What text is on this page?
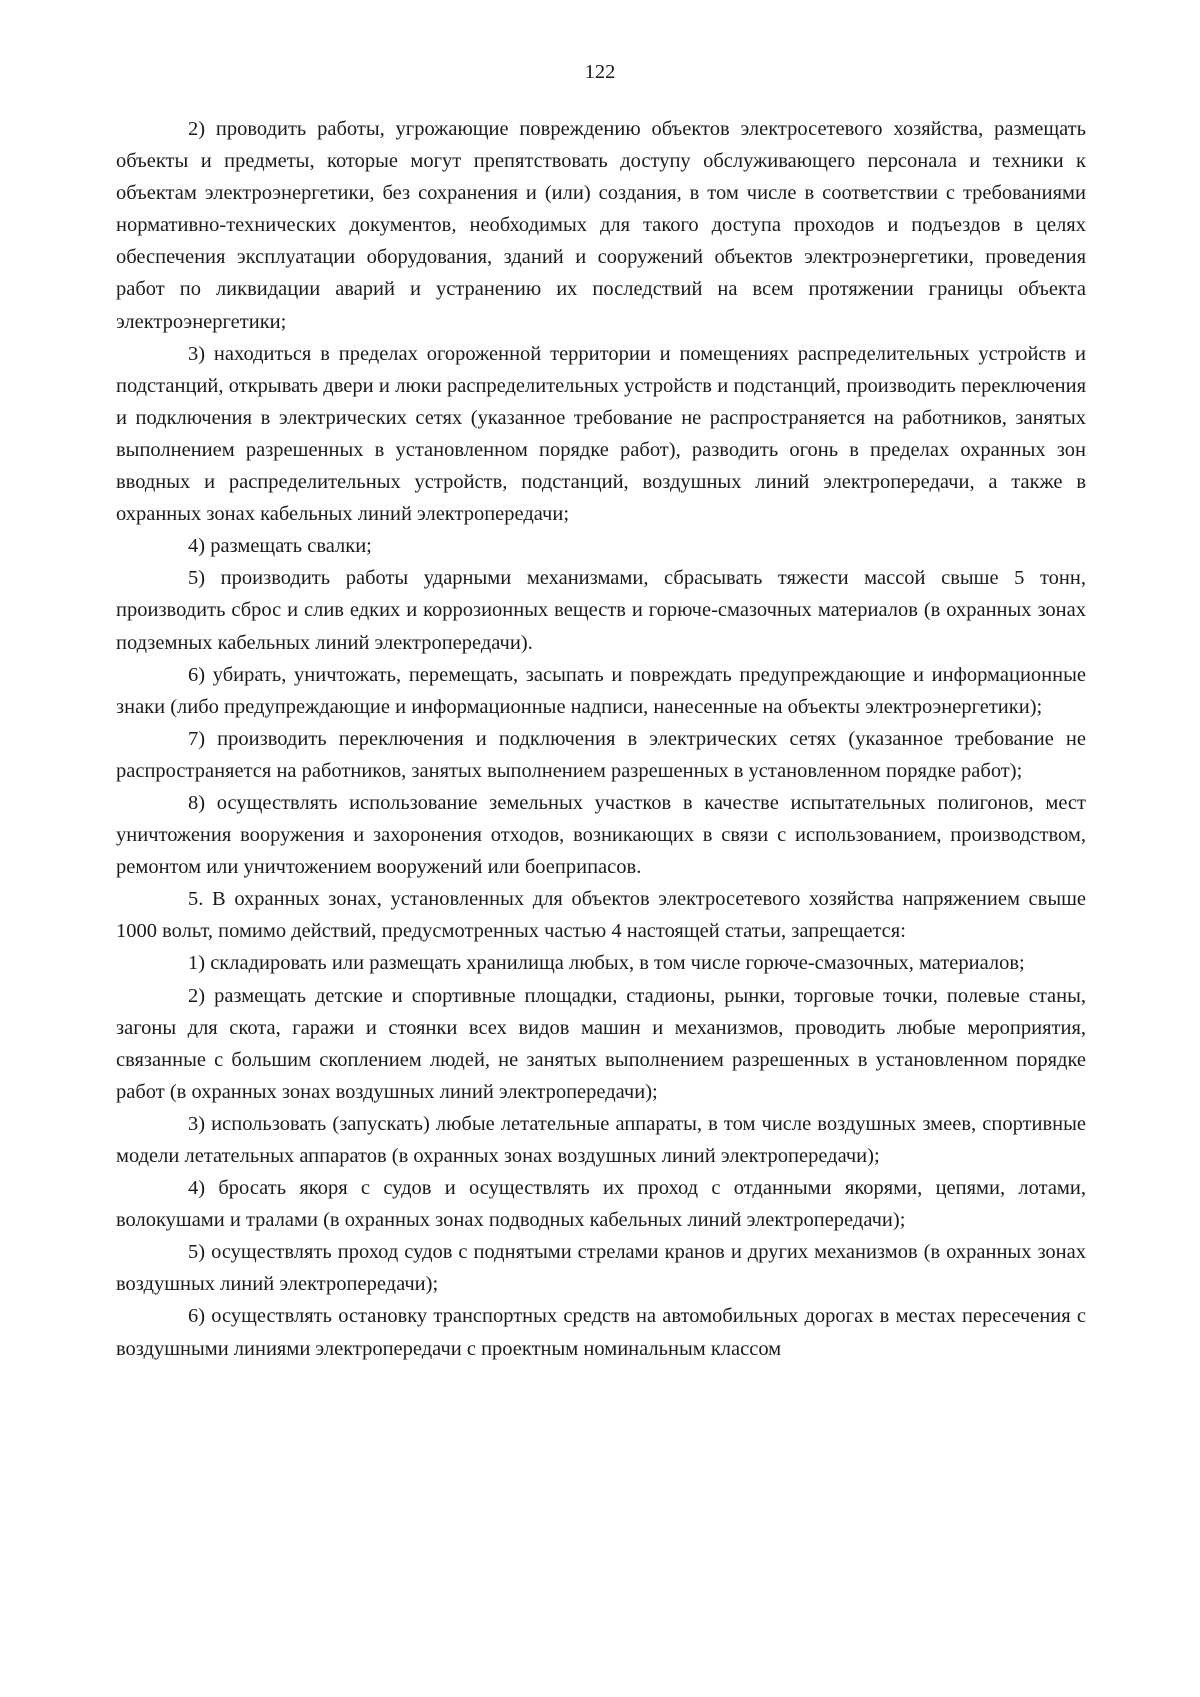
122

2) проводить работы, угрожающие повреждению объектов электросетевого хозяйства, размещать объекты и предметы, которые могут препятствовать доступу обслуживающего персонала и техники к объектам электроэнергетики, без сохранения и (или) создания, в том числе в соответствии с требованиями нормативно-технических документов, необходимых для такого доступа проходов и подъездов в целях обеспечения эксплуатации оборудования, зданий и сооружений объектов электроэнергетики, проведения работ по ликвидации аварий и устранению их последствий на всем протяжении границы объекта электроэнергетики;

3) находиться в пределах огороженной территории и помещениях распределительных устройств и подстанций, открывать двери и люки распределительных устройств и подстанций, производить переключения и подключения в электрических сетях (указанное требование не распространяется на работников, занятых выполнением разрешенных в установленном порядке работ), разводить огонь в пределах охранных зон вводных и распределительных устройств, подстанций, воздушных линий электропередачи, а также в охранных зонах кабельных линий электропередачи;

4) размещать свалки;

5) производить работы ударными механизмами, сбрасывать тяжести массой свыше 5 тонн, производить сброс и слив едких и коррозионных веществ и горюче-смазочных материалов (в охранных зонах подземных кабельных линий электропередачи).

6) убирать, уничтожать, перемещать, засыпать и повреждать предупреждающие и информационные знаки (либо предупреждающие и информационные надписи, нанесенные на объекты электроэнергетики);

7) производить переключения и подключения в электрических сетях (указанное требование не распространяется на работников, занятых выполнением разрешенных в установленном порядке работ);

8) осуществлять использование земельных участков в качестве испытательных полигонов, мест уничтожения вооружения и захоронения отходов, возникающих в связи с использованием, производством, ремонтом или уничтожением вооружений или боеприпасов.

5. В охранных зонах, установленных для объектов электросетевого хозяйства напряжением свыше 1000 вольт, помимо действий, предусмотренных частью 4 настоящей статьи, запрещается:

1) складировать или размещать хранилища любых, в том числе горюче-смазочных, материалов;

2) размещать детские и спортивные площадки, стадионы, рынки, торговые точки, полевые станы, загоны для скота, гаражи и стоянки всех видов машин и механизмов, проводить любые мероприятия, связанные с большим скоплением людей, не занятых выполнением разрешенных в установленном порядке работ (в охранных зонах воздушных линий электропередачи);

3) использовать (запускать) любые летательные аппараты, в том числе воздушных змеев, спортивные модели летательных аппаратов (в охранных зонах воздушных линий электропередачи);

4) бросать якоря с судов и осуществлять их проход с отданными якорями, цепями, лотами, волокушами и тралами (в охранных зонах подводных кабельных линий электропередачи);

5) осуществлять проход судов с поднятыми стрелами кранов и других механизмов (в охранных зонах воздушных линий электропередачи);

6) осуществлять остановку транспортных средств на автомобильных дорогах в местах пересечения с воздушными линиями электропередачи с проектным номинальным классом
